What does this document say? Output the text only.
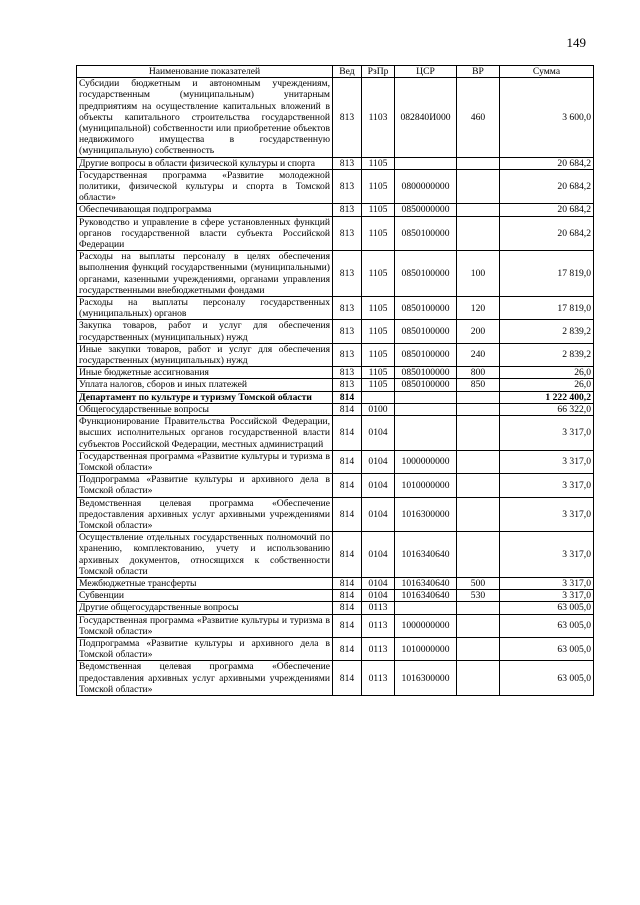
149
Наименование показателей	Вед	РзПр	ЦСР	ВР	Сумма
Субсидии бюджетным и автономным учреждениям, государственным (муниципальным) унитарным предприятиям на осуществление капитальных вложений в объекты капитального строительства государственной (муниципальной) собственности или приобретение объектов недвижимого имущества в государственную (муниципальную) собственность	813	1103	082840И000	460	3 600,0
Другие вопросы в области физической культуры и спорта	813	1105			20 684,2
Государственная программа «Развитие молодежной политики, физической культуры и спорта в Томской области»	813	1105	0800000000		20 684,2
Обеспечивающая подпрограмма	813	1105	0850000000		20 684,2
Руководство и управление в сфере установленных функций органов государственной власти субъекта Российской Федерации	813	1105	0850100000		20 684,2
Расходы на выплаты персоналу в целях обеспечения выполнения функций государственными (муниципальными) органами, казенными учреждениями, органами управления государственными внебюджетными фондами	813	1105	0850100000	100	17 819,0
Расходы на выплаты персоналу государственных (муниципальных) органов	813	1105	0850100000	120	17 819,0
Закупка товаров, работ и услуг для обеспечения государственных (муниципальных) нужд	813	1105	0850100000	200	2 839,2
Иные закупки товаров, работ и услуг для обеспечения государственных (муниципальных) нужд	813	1105	0850100000	240	2 839,2
Иные бюджетные ассигнования	813	1105	0850100000	800	26,0
Уплата налогов, сборов и иных платежей	813	1105	0850100000	850	26,0
Департамент по культуре и туризму Томской области	814				1 222 400,2
Общегосударственные вопросы	814	0100			66 322,0
Функционирование Правительства Российской Федерации, высших исполнительных органов государственной власти субъектов Российской Федерации, местных администраций	814	0104			3 317,0
Государственная программа «Развитие культуры и туризма в Томской области»	814	0104	1000000000		3 317,0
Подпрограмма «Развитие культуры и архивного дела в Томской области»	814	0104	1010000000		3 317,0
Ведомственная целевая программа «Обеспечение предоставления архивных услуг архивными учреждениями Томской области»	814	0104	1016300000		3 317,0
Осуществление отдельных государственных полномочий по хранению, комплектованию, учету и использованию архивных документов, относящихся к собственности Томской области	814	0104	1016340640		3 317,0
Межбюджетные трансферты	814	0104	1016340640	500	3 317,0
Субвенции	814	0104	1016340640	530	3 317,0
Другие общегосударственные вопросы	814	0113			63 005,0
Государственная программа «Развитие культуры и туризма в Томской области»	814	0113	1000000000		63 005,0
Подпрограмма «Развитие культуры и архивного дела в Томской области»	814	0113	1010000000		63 005,0
Ведомственная целевая программа «Обеспечение предоставления архивных услуг архивными учреждениями Томской области»	814	0113	1016300000		63 005,0
